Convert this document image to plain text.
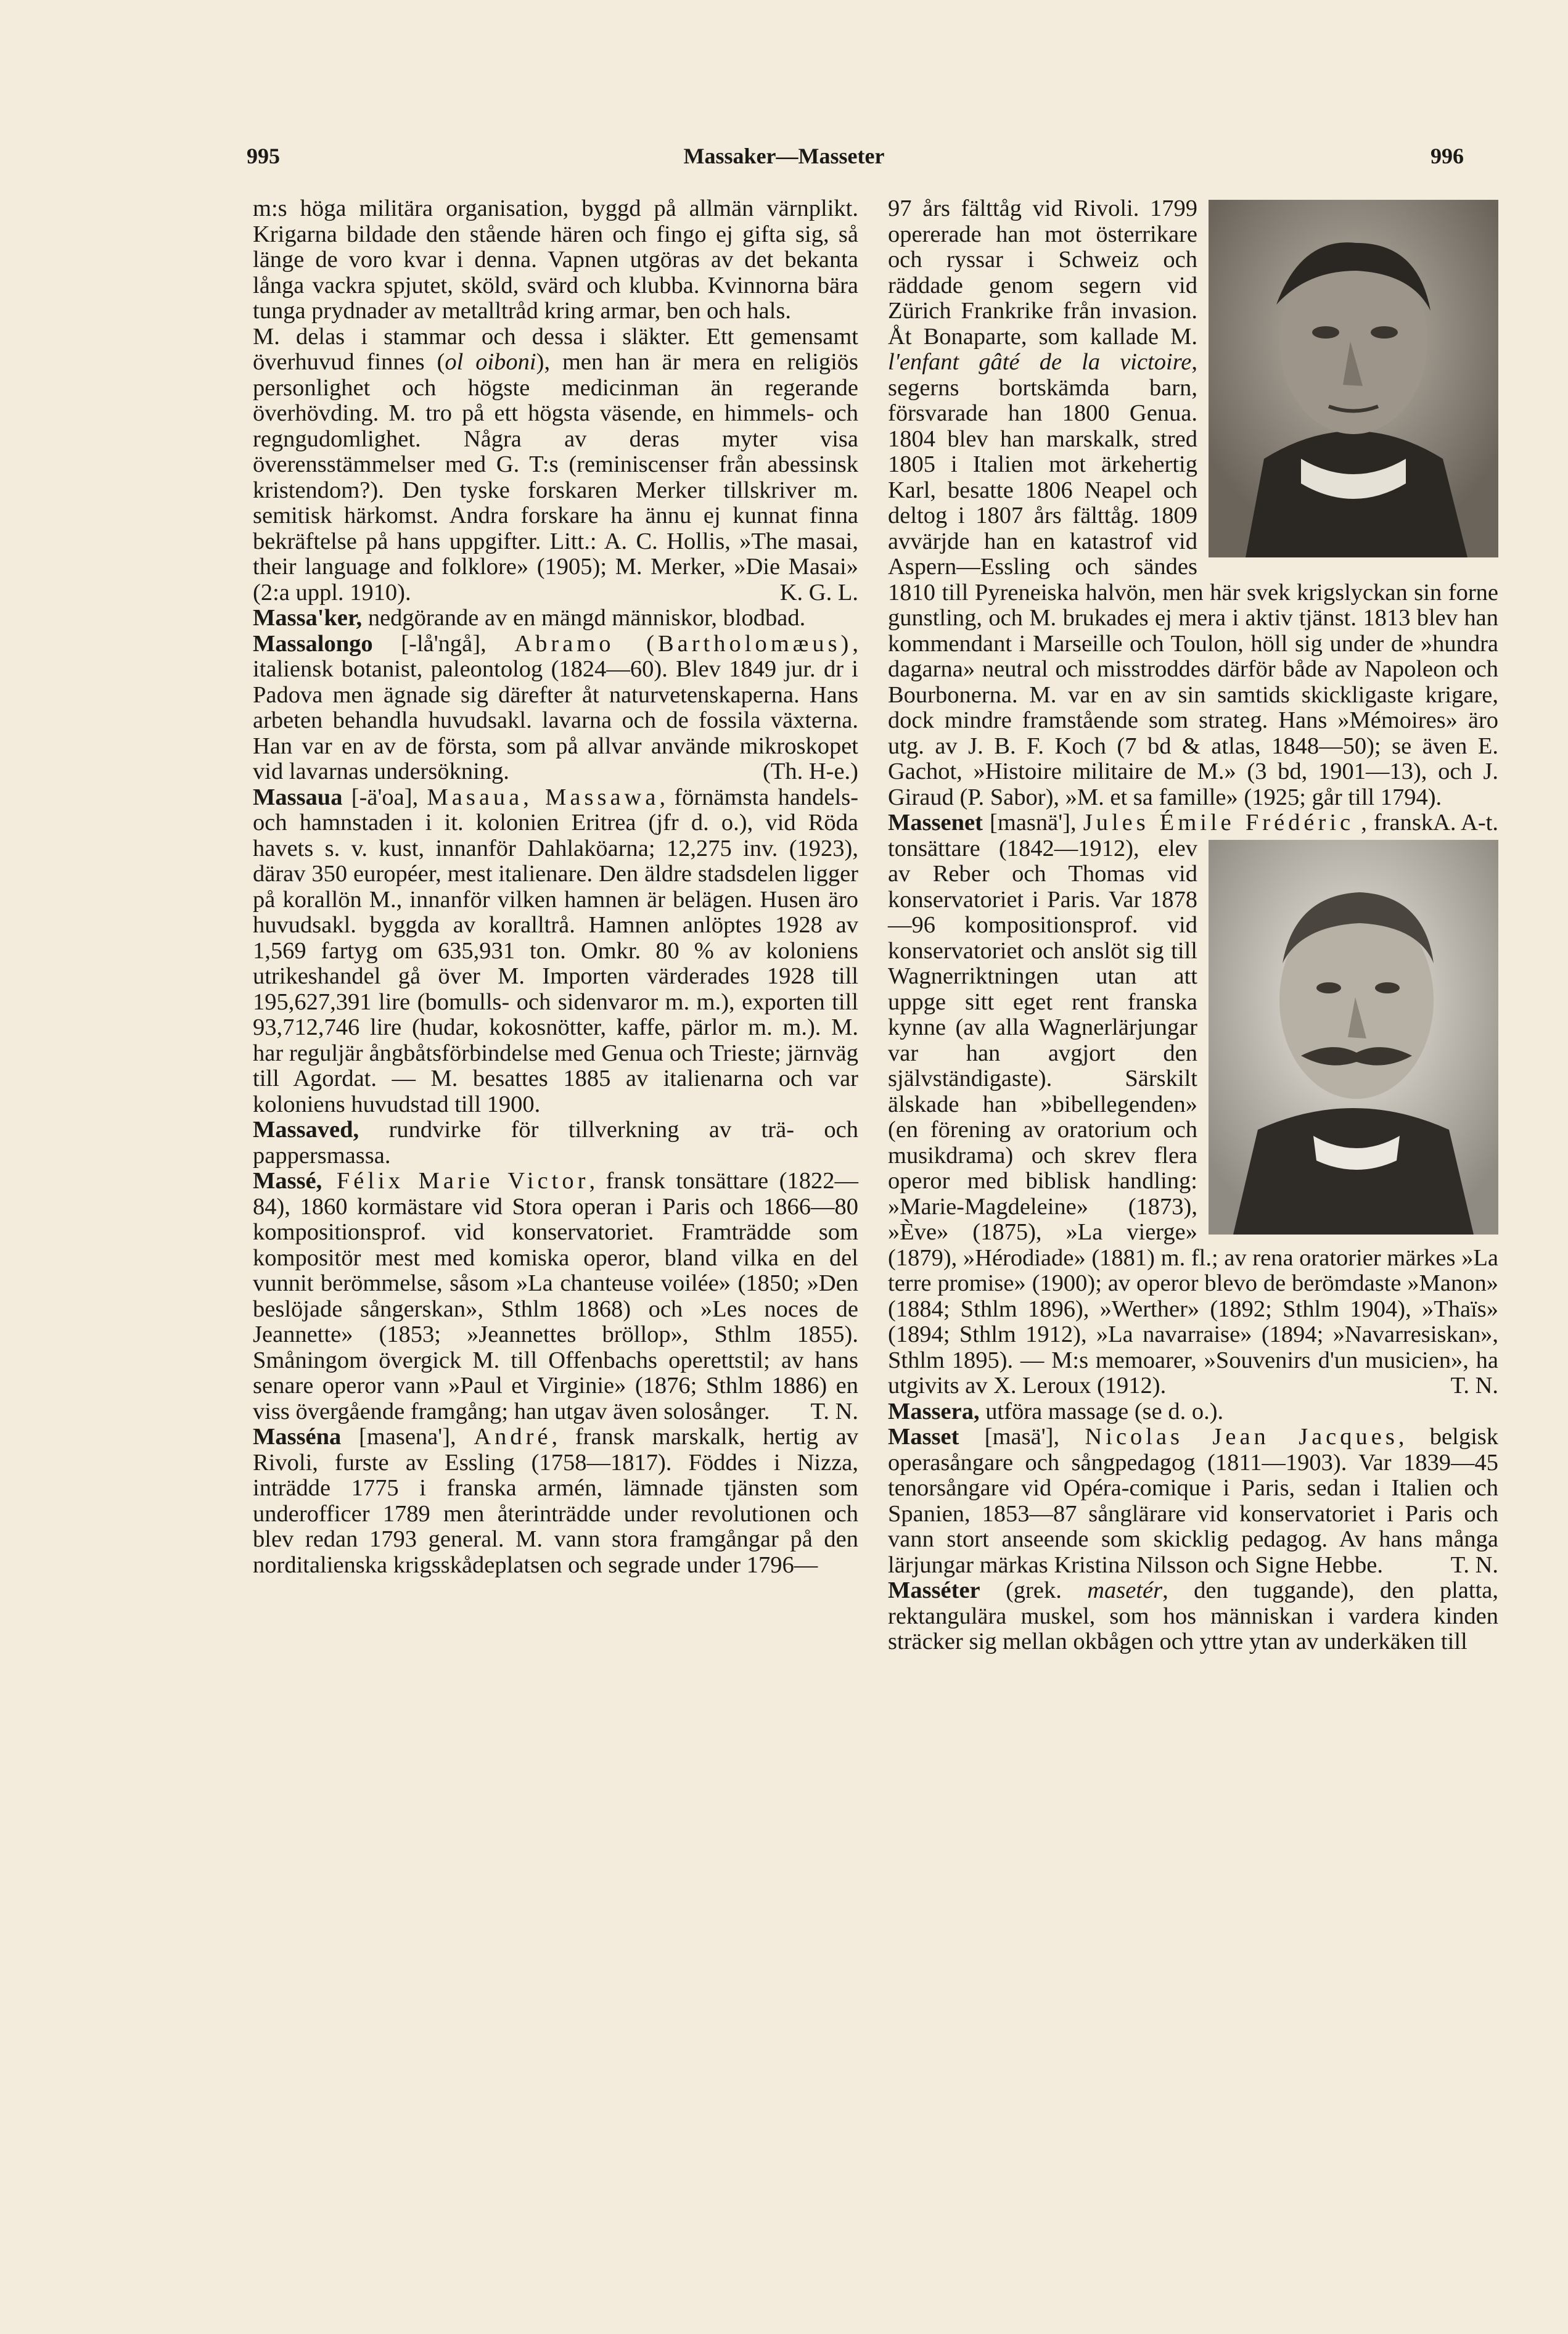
995	Massaker—Masseter	996

m:s höga militära organisation, byggd på allmän värnplikt. Krigarna bildade den stående hären och fingo ej gifta sig, så länge de voro kvar i denna. Vapnen utgöras av det bekanta långa vackra spjutet, sköld, svärd och klubba. Kvinnorna bära tunga prydnader av metalltråd kring armar, ben och hals.

M. delas i stammar och dessa i släkter. Ett gemensamt överhuvud finnes (ol oiboni), men han är mera en religiös personlighet och högste medicinman än regerande överhövding. M. tro på ett högsta väsende, en himmels- och regngudomlighet. Några av deras myter visa överensstämmelser med G. T:s (reminiscenser från abessinsk kristendom?). Den tyske forskaren Merker tillskriver m. semitisk härkomst. Andra forskare ha ännu ej kunnat finna bekräftelse på hans uppgifter. Litt.: A. C. Hollis, »The masai, their language and folklore» (1905); M. Merker, »Die Masai» (2:a uppl. 1910).	K. G. L.

Massa'ker, nedgörande av en mängd människor, blodbad.

Massalongo [-lå'ngå], Abramo (Bartholomæus), italiensk botanist, paleontolog (1824—60). Blev 1849 jur. dr i Padova men ägnade sig därefter åt naturvetenskaperna. Hans arbeten behandla huvudsakl. lavarna och de fossila växterna. Han var en av de första, som på allvar använde mikroskopet vid lavarnas undersökning.	(Th. H-e.)

Massaua [-ä'oa], Masaua, Massawa, förnämsta handels- och hamnstaden i it. kolonien Eritrea (jfr d. o.), vid Röda havets s. v. kust, innanför Dahlaköarna; 12,275 inv. (1923), därav 350 européer, mest italienare. Den äldre stadsdelen ligger på korallön M., innanför vilken hamnen är belägen. Husen äro huvudsakl. byggda av koralltrå. Hamnen anlöptes 1928 av 1,569 fartyg om 635,931 ton. Omkr. 80 % av koloniens utrikeshandel gå över M. Importen värderades 1928 till 195,627,391 lire (bomulls- och sidenvaror m. m.), exporten till 93,712,746 lire (hudar, kokosnötter, kaffe, pärlor m. m.). M. har reguljär ångbåtsförbindelse med Genua och Trieste; järnväg till Agordat. — M. besattes 1885 av italienarna och var koloniens huvudstad till 1900.

Massaved, rundvirke för tillverkning av trä- och pappersmassa.

Massé, Félix Marie Victor, fransk tonsättare (1822—84), 1860 kormästare vid Stora operan i Paris och 1866—80 kompositionsprof. vid konservatoriet. Framträdde som kompositör mest med komiska operor, bland vilka en del vunnit berömmelse, såsom »La chanteuse voilée» (1850; »Den beslöjade sångerskan», Sthlm 1868) och »Les noces de Jeannette» (1853; »Jeannettes bröllop», Sthlm 1855). Småningom övergick M. till Offenbachs operettstil; av hans senare operor vann »Paul et Virginie» (1876; Sthlm 1886) en viss övergående framgång; han utgav även solosånger. T. N.

Masséna [masena'], André, fransk marskalk, hertig av Rivoli, furste av Essling (1758—1817). Föddes i Nizza, inträdde 1775 i franska armén, lämnade tjänsten som underofficer 1789 men återinträdde under revolutionen och blev redan 1793 general. M. vann stora framgångar på den norditalienska krigsskådeplatsen och segrade under 1796—

97 års fälttåg vid Rivoli. 1799 opererade han mot österrikare och ryssar i Schweiz och räddade genom segern vid Zürich Frankrike från invasion. Åt Bonaparte, som kallade M. l'enfant gâté de la victoire, segerns bortskämda barn, försvarade han 1800 Genua. 1804 blev han marskalk, stred 1805 i Italien mot ärkehertig Karl, besatte 1806 Neapel och deltog i 1807 års fälttåg. 1809 avvärjde han en katastrof vid Aspern—Essling och sändes 1810 till Pyreneiska halvön, men här svek krigslyckan sin forne gunstling, och M. brukades ej mera i aktiv tjänst. 1813 blev han kommendant i Marseille och Toulon, höll sig under de »hundra dagarna» neutral och misstroddes därför både av Napoleon och Bourbonerna. M. var en av sin samtids skickligaste krigare, dock mindre framstående som strateg. Hans »Mémoires» äro utg. av J. B. F. Koch (7 bd & atlas, 1848—50); se även E. Gachot, »Histoire militaire de M.» (3 bd, 1901—13), och J. Giraud (P. Sabor), »M. et sa famille» (1925; går till 1794).
A. A-t.

Massenet [masnä'], Jules Émile Frédéric , fransk tonsättare (1842—1912), elev av Reber och Thomas vid konservatoriet i Paris. Var 1878—96 kompositionsprof. vid konservatoriet och anslöt sig till Wagnerriktningen utan att uppge sitt eget rent franska kynne (av alla Wagnerlärjungar var han avgjort den självständigaste). Särskilt älskade han »bibellegenden» (en förening av oratorium och musikdrama) och skrev flera operor med biblisk handling: »Marie-Magdeleine» (1873), »Ève» (1875), »La vierge» (1879), »Hérodiade» (1881) m. fl.; av rena oratorier märkes »La terre promise» (1900); av operor blevo de berömdaste »Manon» (1884; Sthlm 1896), »Werther» (1892; Sthlm 1904), »Thaïs» (1894; Sthlm 1912), »La navarraise» (1894; »Navarresiskan», Sthlm 1895). — M:s memoarer, »Souvenirs d'un musicien», ha utgivits av X. Leroux (1912).	T. N.

Massera, utföra massage (se d. o.).

Masset [masä'], Nicolas Jean Jacques, belgisk operasångare och sångpedagog (1811—1903). Var 1839—45 tenorsångare vid Opéra-comique i Paris, sedan i Italien och Spanien, 1853—87 sånglärare vid konservatoriet i Paris och vann stort anseende som skicklig pedagog. Av hans många lärjungar märkas Kristina Nilsson och Signe Hebbe.	T. N.

Masséter (grek. masetér, den tuggande), den platta, rektangulära muskel, som hos människan i vardera kinden sträcker sig mellan okbågen och yttre ytan av underkäken till
